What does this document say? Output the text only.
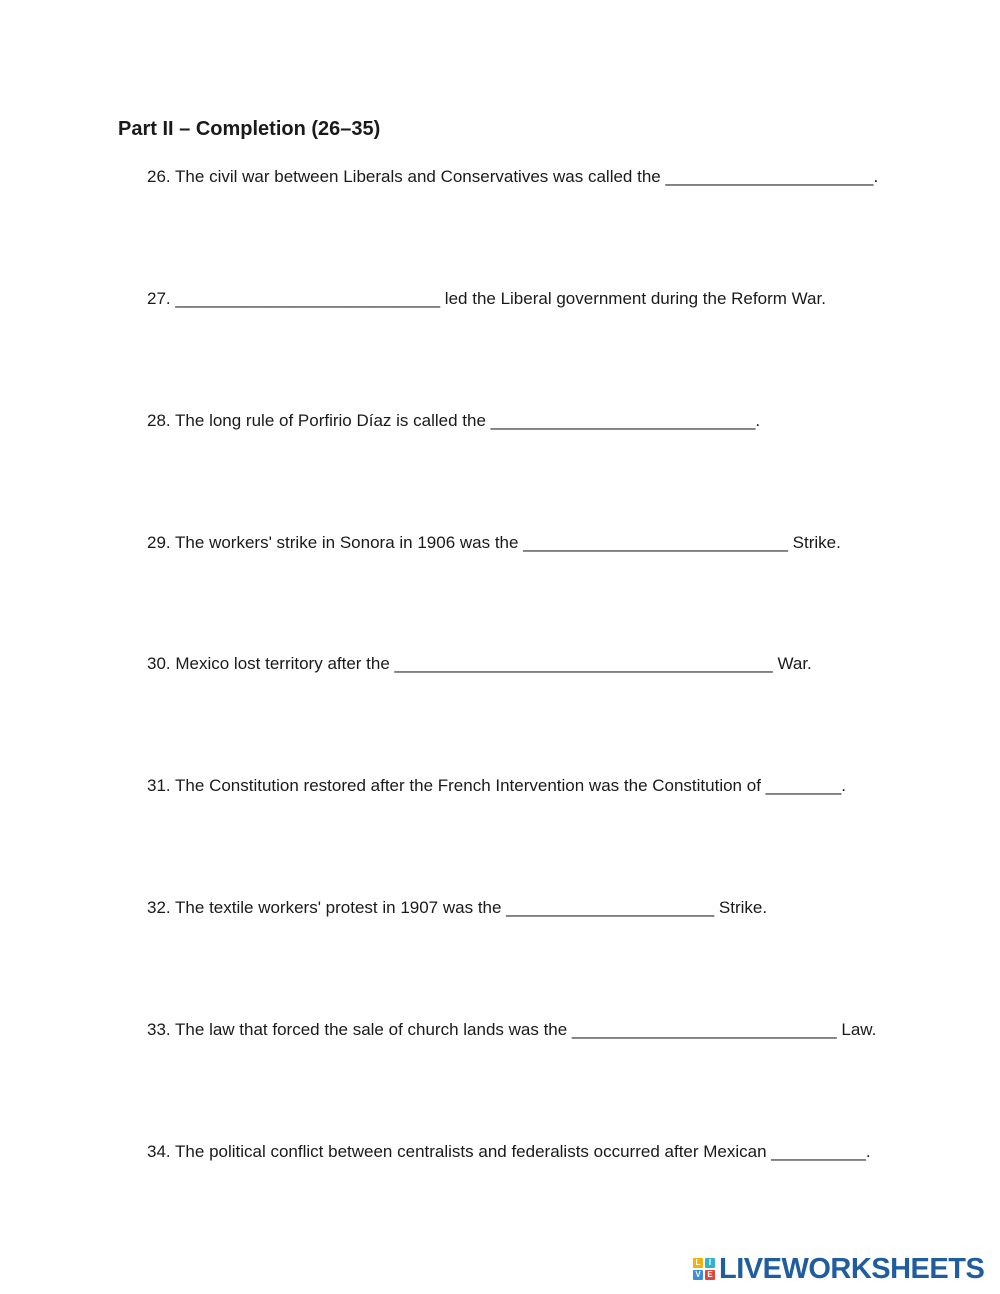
Part II – Completion (26–35)

26. The civil war between Liberals and Conservatives was called the ______________________.

27. ____________________________ led the Liberal government during the Reform War.

28. The long rule of Porfirio Díaz is called the ____________________________.

29. The workers' strike in Sonora in 1906 was the ____________________________ Strike.

30. Mexico lost territory after the ________________________________________ War.

31. The Constitution restored after the French Intervention was the Constitution of ________.

32. The textile workers' protest in 1907 was the ______________________ Strike.

33. The law that forced the sale of church lands was the ____________________________ Law.

34. The political conflict between centralists and federalists occurred after Mexican __________.

L	I
V E LIVEWORKSHEETS
